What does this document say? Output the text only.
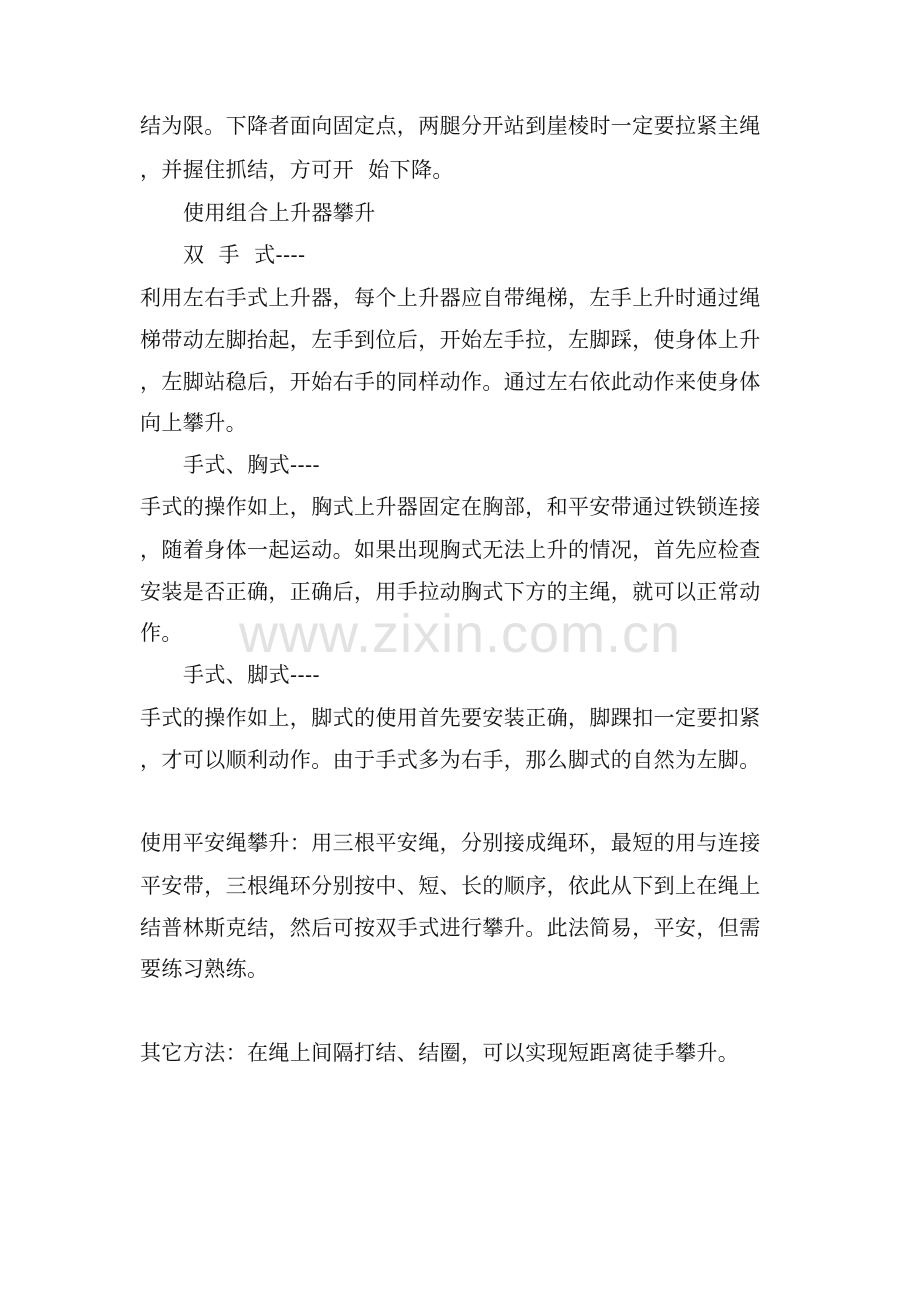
结为限。下降者面向固定点，两腿分开站到崖棱时一定要拉紧主绳
，并握住抓结，方可开  始下降。
使用组合上升器攀升
双  手  式----
利用左右手式上升器，每个上升器应自带绳梯，左手上升时通过绳
梯带动左脚抬起，左手到位后，开始左手拉，左脚踩，使身体上升
，左脚站稳后，开始右手的同样动作。通过左右依此动作来使身体
向上攀升。
手式、胸式----
手式的操作如上，胸式上升器固定在胸部，和平安带通过铁锁连接
，随着身体一起运动。如果出现胸式无法上升的情况，首先应检查
安装是否正确，正确后，用手拉动胸式下方的主绳，就可以正常动
作。
手式、脚式----
手式的操作如上，脚式的使用首先要安装正确，脚踝扣一定要扣紧
，才可以顺利动作。由于手式多为右手，那么脚式的自然为左脚。
使用平安绳攀升：用三根平安绳，分别接成绳环，最短的用与连接
平安带，三根绳环分别按中、短、长的顺序，依此从下到上在绳上
结普林斯克结，然后可按双手式进行攀升。此法简易，平安，但需
要练习熟练。
其它方法：在绳上间隔打结、结圈，可以实现短距离徒手攀升。
www.zixin.com.cn
